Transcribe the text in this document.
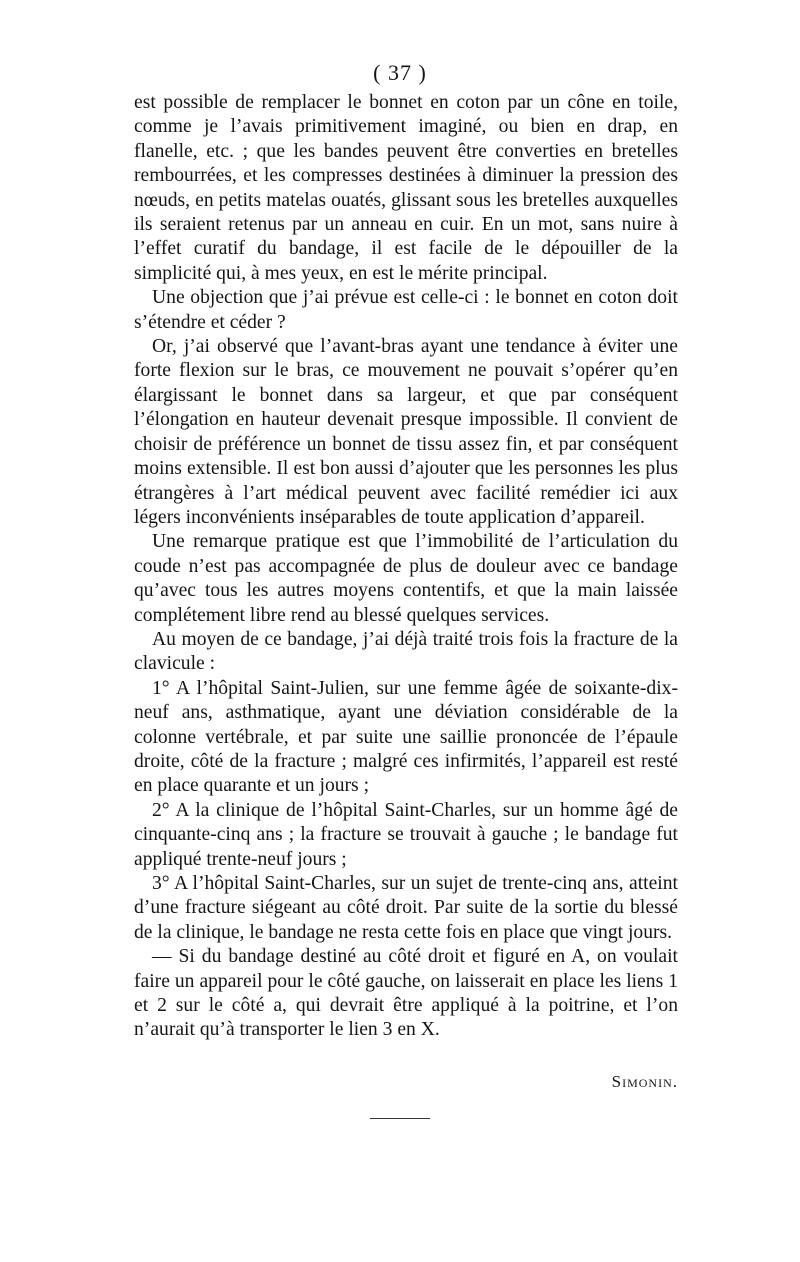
( 37 )

est possible de remplacer le bonnet en coton par un cône en toile, comme je l’avais primitivement imaginé, ou bien en drap, en flanelle, etc. ; que les bandes peuvent être converties en bretelles rembourrées, et les compresses destinées à diminuer la pression des nœuds, en petits matelas ouatés, glissant sous les bretelles auxquelles ils seraient retenus par un anneau en cuir. En un mot, sans nuire à l’effet curatif du bandage, il est facile de le dépouiller de la simplicité qui, à mes yeux, en est le mérite principal.

Une objection que j’ai prévue est celle-ci : le bonnet en coton doit s’étendre et céder ?

Or, j’ai observé que l’avant-bras ayant une tendance à éviter une forte flexion sur le bras, ce mouvement ne pouvait s’opérer qu’en élargissant le bonnet dans sa largeur, et que par conséquent l’élongation en hauteur devenait presque impossible. Il convient de choisir de préférence un bonnet de tissu assez fin, et par conséquent moins extensible. Il est bon aussi d’ajouter que les personnes les plus étrangères à l’art médical peuvent avec facilité remédier ici aux légers inconvénients inséparables de toute application d’appareil.

Une remarque pratique est que l’immobilité de l’articulation du coude n’est pas accompagnée de plus de douleur avec ce bandage qu’avec tous les autres moyens contentifs, et que la main laissée complétement libre rend au blessé quelques services.

Au moyen de ce bandage, j’ai déjà traité trois fois la fracture de la clavicule :

1° A l’hôpital Saint-Julien, sur une femme âgée de soixante-dix-neuf ans, asthmatique, ayant une déviation considérable de la colonne vertébrale, et par suite une saillie prononcée de l’épaule droite, côté de la fracture ; malgré ces infirmités, l’appareil est resté en place quarante et un jours ;

2° A la clinique de l’hôpital Saint-Charles, sur un homme âgé de cinquante-cinq ans ; la fracture se trouvait à gauche ; le bandage fut appliqué trente-neuf jours ;

3° A l’hôpital Saint-Charles, sur un sujet de trente-cinq ans, atteint d’une fracture siégeant au côté droit. Par suite de la sortie du blessé de la clinique, le bandage ne resta cette fois en place que vingt jours.

— Si du bandage destiné au côté droit et figuré en A, on voulait faire un appareil pour le côté gauche, on laisserait en place les liens 1 et 2 sur le côté a, qui devrait être appliqué à la poitrine, et l’on n’aurait qu’à transporter le lien 3 en X.

Simonin.
